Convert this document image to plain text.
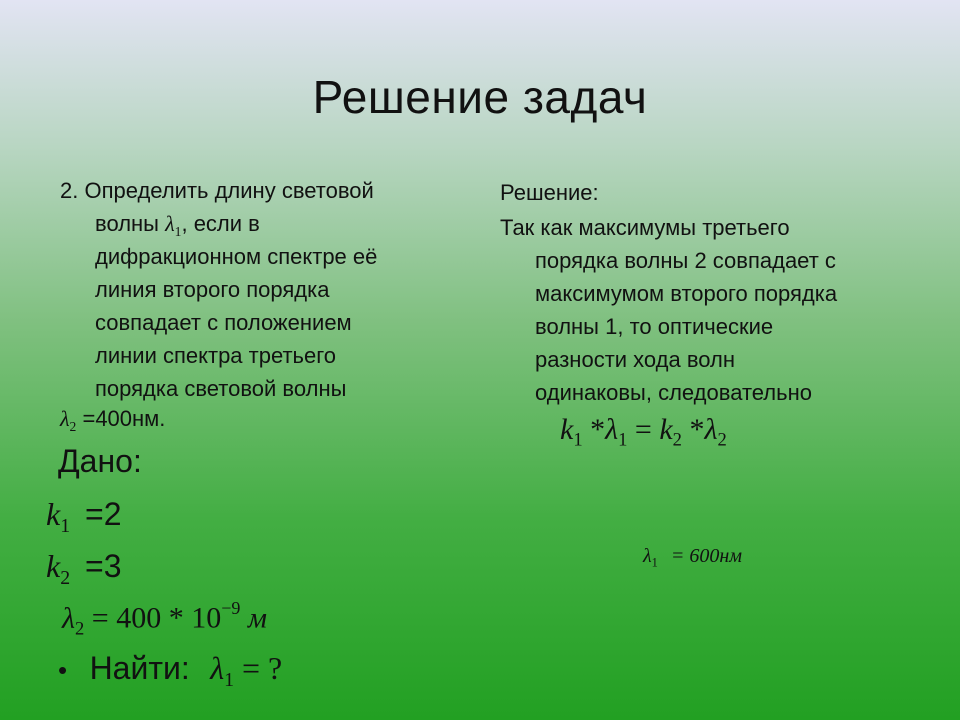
Решение задач
2. Определить длину световой
волны $\lambda_1$, если в
дифракционном спектре её
линия второго порядка
совпадает с положением
линии спектра третьего
порядка световой волны
$\lambda_2 =400нм$.
Дано:
$k_1 =2$
$k_2 =3$
$\lambda_2 = 400 * 10^{-9}$ м
• Найти: $\lambda_1$ = ?
Решение:
Так как максимумы третьего
порядка волны 2 совпадает с
максимумом второго порядка
волны 1, то оптические
разности хода волн
одинаковы, следовательно
$k_1$ $*\lambda_1 = k_2$ $*\lambda_2$
$\lambda_1 = 600нм$
